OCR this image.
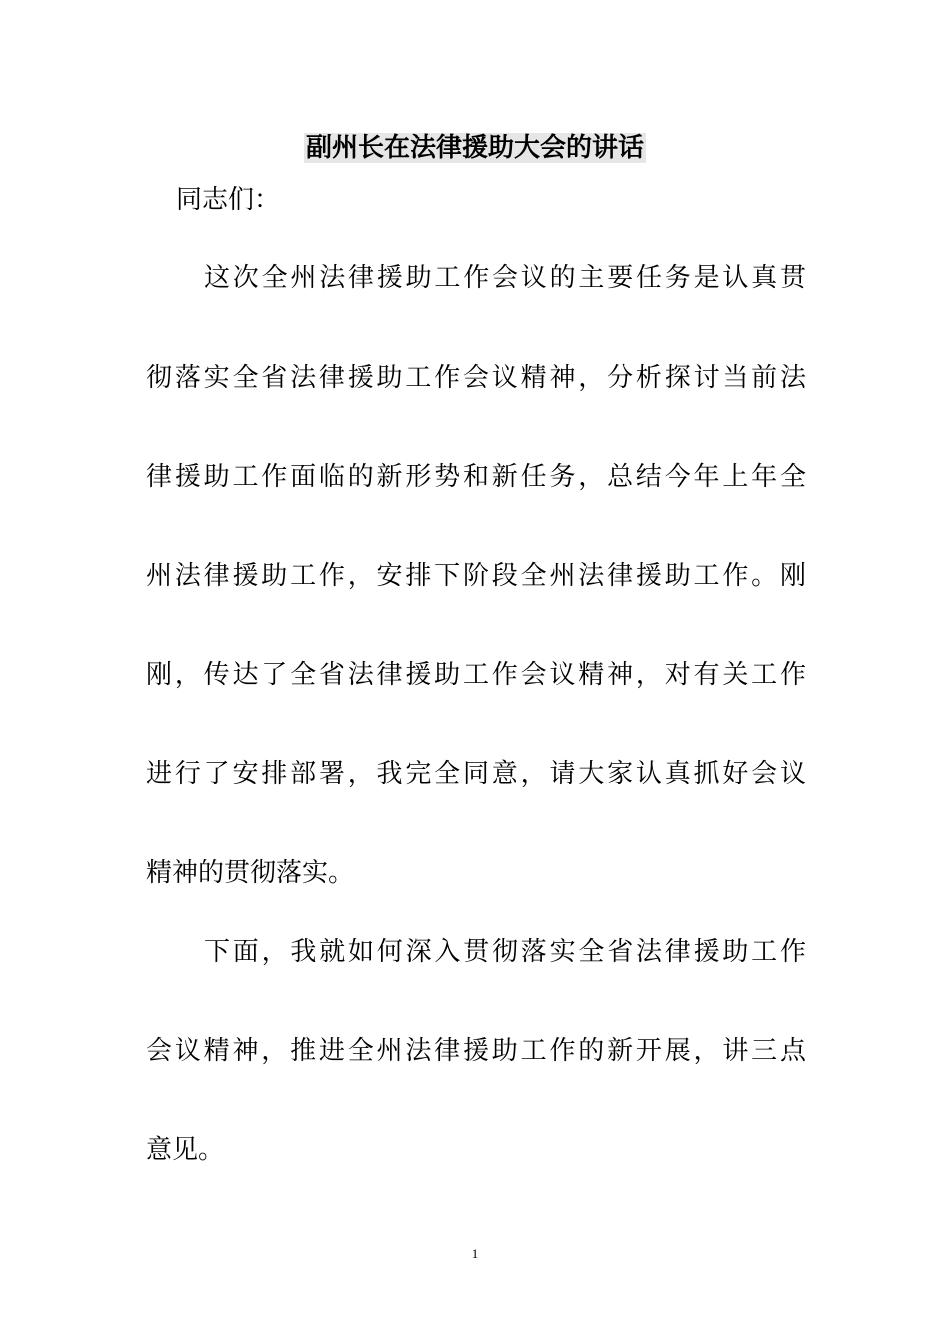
副州长在法律援助大会的讲话

同志们：

这次全州法律援助工作会议的主要任务是认真贯

彻落实全省法律援助工作会议精神，分析探讨当前法

律援助工作面临的新形势和新任务，总结今年上年全

州法律援助工作，安排下阶段全州法律援助工作。刚

刚，传达了全省法律援助工作会议精神，对有关工作

进行了安排部署，我完全同意，请大家认真抓好会议

精神的贯彻落实。

下面，我就如何深入贯彻落实全省法律援助工作

会议精神，推进全州法律援助工作的新开展，讲三点

意见。

1
